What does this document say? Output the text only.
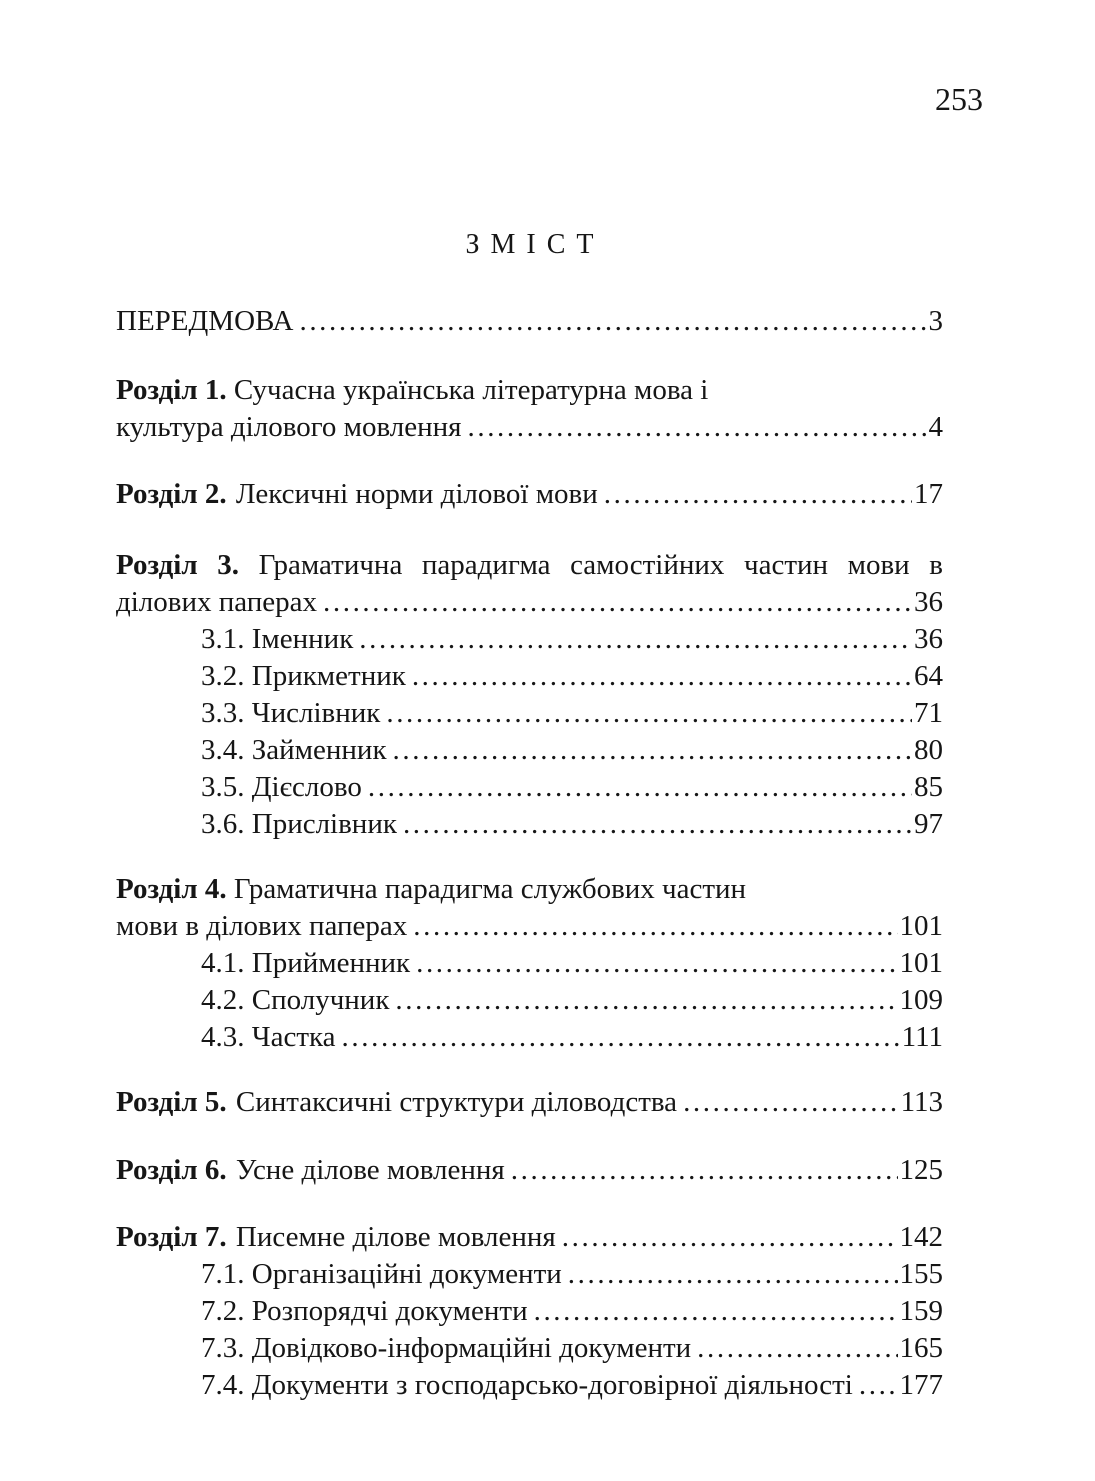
253
ЗМІСТ
ПЕРЕДМОВА .....	3
Розділ 1. Сучасна українська літературна мова і
культура ділового мовлення .....	4
Розділ 2. Лексичні норми ділової мови .....	17
Розділ 3. Граматична парадигма самостійних частин мови в
ділових паперах .....	36
3.1. Іменник .....	36
3.2. Прикметник .....	64
3.3. Числівник .....	71
3.4. Займенник .....	80
3.5. Дієслово .....	85
3.6. Прислівник .....	97
Розділ 4. Граматична парадигма службових частин
мови в ділових паперах .....	101
4.1. Прийменник .....	101
4.2. Сполучник .....	109
4.3. Частка .....	111
Розділ 5. Синтаксичні структури діловодства .....	113
Розділ 6. Усне ділове мовлення .....	125
Розділ 7. Писемне ділове мовлення .....	142
7.1. Організаційні документи .....	155
7.2. Розпорядчі документи .....	159
7.3. Довідково-інформаційні документи .....	165
7.4. Документи з господарсько-договірної діяльності ..... 177
